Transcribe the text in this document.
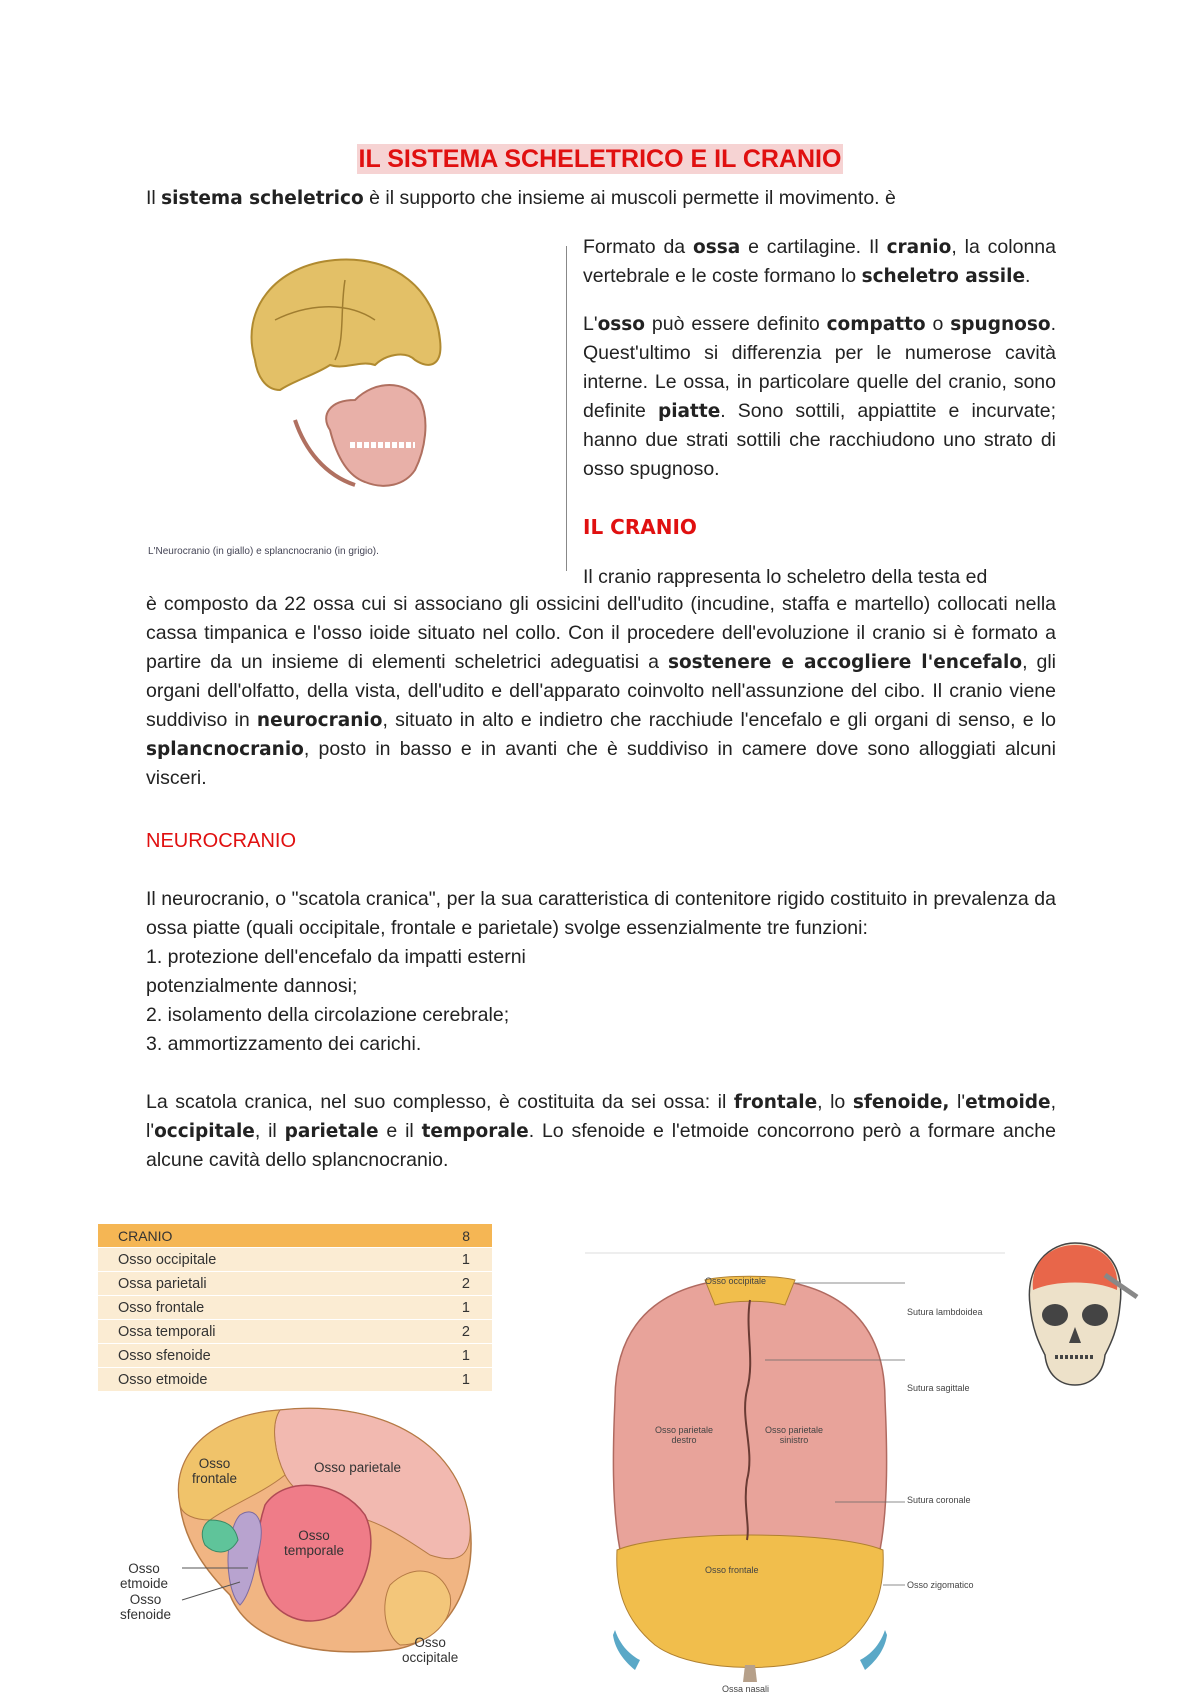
IL SISTEMA SCHELETRICO E IL CRANIO

Il sistema scheletrico è il supporto che insieme ai muscoli permette il movimento. è

Formato da ossa e cartilagine. Il cranio, la colonna vertebrale e le coste formano lo scheletro assile.

L'osso può essere definito compatto o spugnoso. Quest'ultimo si differenzia per le numerose cavità interne. Le ossa, in particolare quelle del cranio, sono definite piatte. Sono sottili, appiattite e incurvate; hanno due strati sottili che racchiudono uno strato di osso spugnoso.

IL CRANIO

Il cranio rappresenta lo scheletro della testa ed

L'Neurocranio (in giallo) e splancnocranio (in grigio).

è composto da 22 ossa cui si associano gli ossicini dell'udito (incudine, staffa e martello) collocati nella cassa timpanica e l'osso ioide situato nel collo. Con il procedere dell'evoluzione il cranio si è formato a partire da un insieme di elementi scheletrici adeguatisi a sostenere e accogliere l'encefalo, gli organi dell'olfatto, della vista, dell'udito e dell'apparato coinvolto nell'assunzione del cibo. Il cranio viene suddiviso in neurocranio, situato in alto e indietro che racchiude l'encefalo e gli organi di senso, e lo splancnocranio, posto in basso e in avanti che è suddiviso in camere dove sono alloggiati alcuni visceri.

NEUROCRANIO

Il neurocranio, o "scatola cranica", per la sua caratteristica di contenitore rigido costituito in prevalenza da ossa piatte (quali occipitale, frontale e parietale) svolge essenzialmente tre funzioni:

1. protezione dell'encefalo da impatti esterni

potenzialmente dannosi;

2. isolamento della circolazione cerebrale;

3. ammortizzamento dei carichi.

La scatola cranica, nel suo complesso, è costituita da sei ossa: il frontale, lo sfenoide, l'etmoide, l'occipitale, il parietale e il temporale. Lo sfenoide e l'etmoide concorrono però a formare anche alcune cavità dello splancnocranio.

CRANIO	8
Osso occipitale	1
Ossa parietali	2
Osso frontale	1
Ossa temporali	2
Osso sfenoide	1
Osso etmoide	1
Osso
frontale
Osso parietale
Osso
temporale
Osso
etmoide
Osso
sfenoide
Osso
occipitale
Osso occipitale
Sutura lambdoidea
Sutura sagittale
Osso parietale
destro
Osso parietale
sinistro
Sutura coronale
Osso frontale
Osso zigomatico
Ossa nasali
